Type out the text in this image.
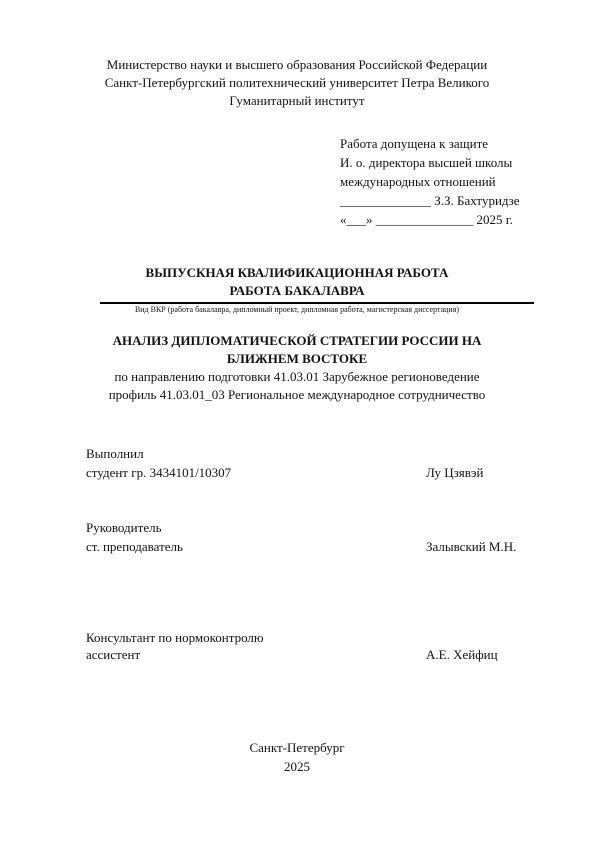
Министерство науки и высшего образования Российской Федерации
Санкт-Петербургский политехнический университет Петра Великого
Гуманитарный институт
Работа допущена к защите
И. о. директора высшей школы
международных отношений
______________ З.З. Бахтуридзе
«___» _______________ 2025 г.
ВЫПУСКНАЯ КВАЛИФИКАЦИОННАЯ РАБОТА
РАБОТА БАКАЛАВРА
Вид ВКР (работа бакалавра, дипломный проект, дипломная работа, магистерская диссертация)
АНАЛИЗ ДИПЛОМАТИЧЕСКОЙ СТРАТЕГИИ РОССИИ НА
БЛИЖНЕМ ВОСТОКЕ
по направлению подготовки 41.03.01 Зарубежное регионоведение
профиль 41.03.01_03 Региональное международное сотрудничество
Выполнил
студент гр. 3434101/10307	Лу Цзявэй
Руководитель
ст. преподаватель	Залывский М.Н.
Консультант по нормоконтролю
ассистент	А.Е. Хейфиц
Санкт-Петербург
2025
